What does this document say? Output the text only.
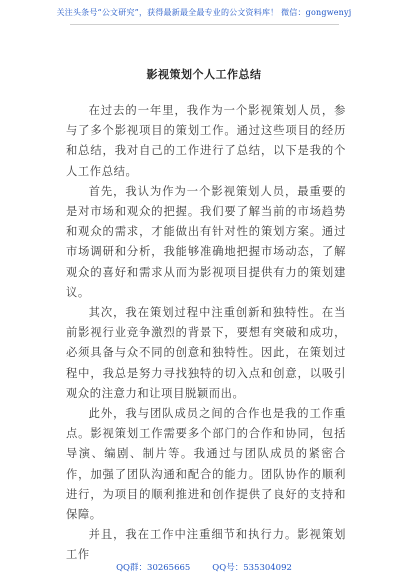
关注头条号“公文研究”，获得最新最全最专业的公文资料库！ 微信：gongwenyj
影视策划个人工作总结

在过去的一年里，我作为一个影视策划人员，参与了多个影视项目的策划工作。通过这些项目的经历和总结，我对自己的工作进行了总结，以下是我的个人工作总结。

首先，我认为作为一个影视策划人员，最重要的是对市场和观众的把握。我们要了解当前的市场趋势和观众的需求，才能做出有针对性的策划方案。通过市场调研和分析，我能够准确地把握市场动态，了解观众的喜好和需求从而为影视项目提供有力的策划建议。

其次，我在策划过程中注重创新和独特性。在当前影视行业竞争激烈的背景下，要想有突破和成功，必须具备与众不同的创意和独特性。因此，在策划过程中，我总是努力寻找独特的切入点和创意，以吸引观众的注意力和让项目脱颖而出。

此外，我与团队成员之间的合作也是我的工作重点。影视策划工作需要多个部门的合作和协同，包括导演、编剧、制片等。我通过与团队成员的紧密合作，加强了团队沟通和配合的能力。团队协作的顺利进行，为项目的顺利推进和创作提供了良好的支持和保障。

并且，我在工作中注重细节和执行力。影视策划工作

QQ群：30265665	QQ号：535304092
